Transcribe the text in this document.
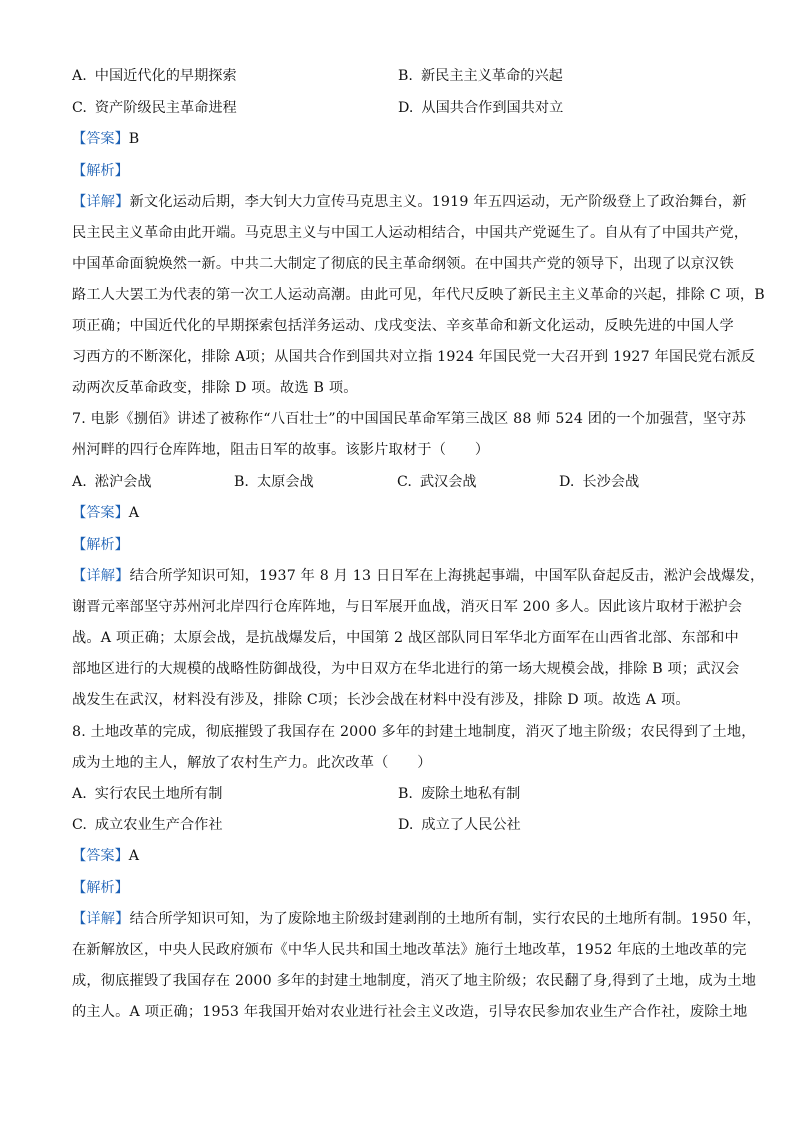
A. 中国近代化的早期探索	B. 新民主主义革命的兴起
C. 资产阶级民主革命进程	D. 从国共合作到国共对立
【答案】B
【解析】
【详解】新文化运动后期，李大钊大力宣传马克思主义。1919 年五四运动，无产阶级登上了政治舞台，新
民主民主义革命由此开端。马克思主义与中国工人运动相结合，中国共产党诞生了。自从有了中国共产党，
中国革命面貌焕然一新。中共二大制定了彻底的民主革命纲领。在中国共产党的领导下，出现了以京汉铁
路工人大罢工为代表的第一次工人运动高潮。由此可见，年代尺反映了新民主主义革命的兴起，排除 C 项，B
项正确；中国近代化的早期探索包括洋务运动、戊戌变法、辛亥革命和新文化运动，反映先进的中国人学
习西方的不断深化，排除 A项；从国共合作到国共对立指 1924 年国民党一大召开到 1927 年国民党右派反
动两次反革命政变，排除 D 项。故选 B 项。
7. 电影《捌佰》讲述了被称作“八百壮士”的中国国民革命军第三战区 88 师 524 团的一个加强营，坚守苏
州河畔的四行仓库阵地，阻击日军的故事。该影片取材于（　　）
A. 淞沪会战	B. 太原会战	C. 武汉会战	D. 长沙会战
【答案】A
【解析】
【详解】结合所学知识可知，1937 年 8 月 13 日日军在上海挑起事端，中国军队奋起反击，淞沪会战爆发，
谢晋元率部坚守苏州河北岸四行仓库阵地，与日军展开血战，消灭日军 200 多人。因此该片取材于淞护会
战。A 项正确；太原会战，是抗战爆发后，中国第 2 战区部队同日军华北方面军在山西省北部、东部和中
部地区进行的大规模的战略性防御战役，为中日双方在华北进行的第一场大规模会战，排除 B 项；武汉会
战发生在武汉，材料没有涉及，排除 C项；长沙会战在材料中没有涉及，排除 D 项。故选 A 项。
8. 土地改革的完成，彻底摧毁了我国存在 2000 多年的封建土地制度，消灭了地主阶级；农民得到了土地，
成为土地的主人，解放了农村生产力。此次改革（　　）
A. 实行农民土地所有制	B. 废除土地私有制
C. 成立农业生产合作社	D. 成立了人民公社
【答案】A
【解析】
【详解】结合所学知识可知，为了废除地主阶级封建剥削的土地所有制，实行农民的土地所有制。1950 年，
在新解放区，中央人民政府颁布《中华人民共和国土地改革法》施行土地改革，1952 年底的土地改革的完
成，彻底摧毁了我国存在 2000 多年的封建土地制度，消灭了地主阶级；农民翻了身,得到了土地，成为土地
的主人。A 项正确；1953 年我国开始对农业进行社会主义改造，引导农民参加农业生产合作社，废除土地
